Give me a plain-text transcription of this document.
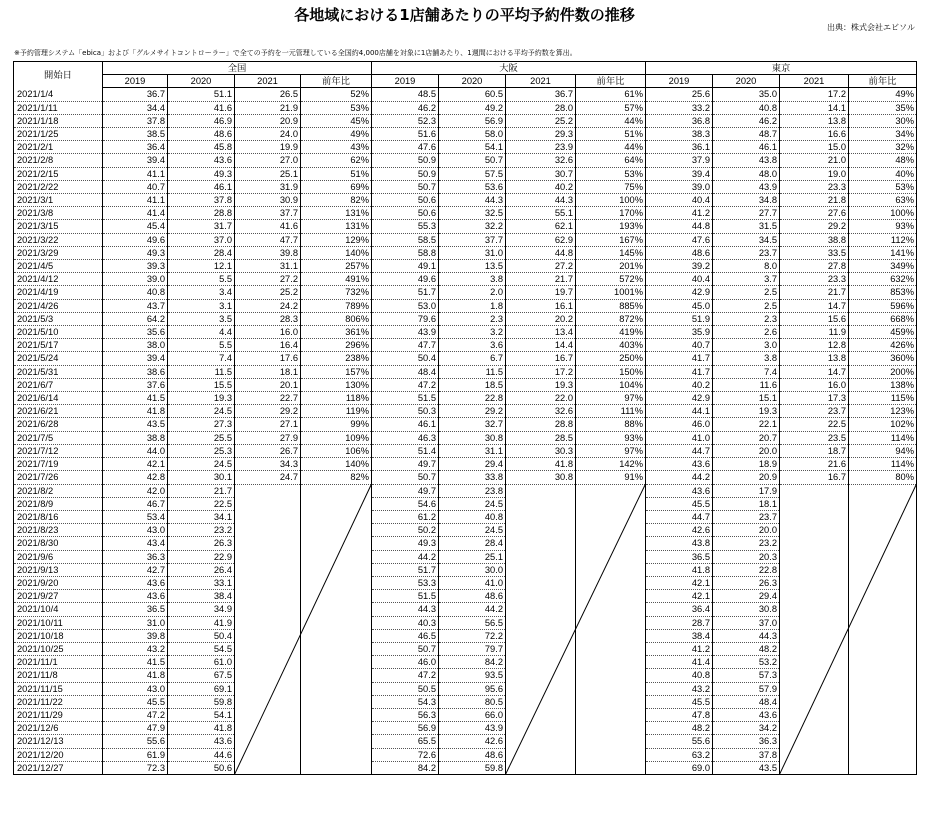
各地域における1店舗あたりの平均予約件数の推移
出典：株式会社エビソル
※予約管理システム「ebica」および「グルメサイトコントローラー」で全ての予約を一元管理している全国約4,000店舗を対象に1店舗あたり、1週間における平均予約数を算出。
開始日	全国				大阪				東京			
	2019	2020	2021	前年比	2019	2020	2021	前年比	2019	2020	2021	前年比
2021/1/4	36.7	51.1	26.5	52%	48.5	60.5	36.7	61%	25.6	35.0	17.2	49%
2021/1/11	34.4	41.6	21.9	53%	46.2	49.2	28.0	57%	33.2	40.8	14.1	35%
2021/1/18	37.8	46.9	20.9	45%	52.3	56.9	25.2	44%	36.8	46.2	13.8	30%
2021/1/25	38.5	48.6	24.0	49%	51.6	58.0	29.3	51%	38.3	48.7	16.6	34%
2021/2/1	36.4	45.8	19.9	43%	47.6	54.1	23.9	44%	36.1	46.1	15.0	32%
2021/2/8	39.4	43.6	27.0	62%	50.9	50.7	32.6	64%	37.9	43.8	21.0	48%
2021/2/15	41.1	49.3	25.1	51%	50.9	57.5	30.7	53%	39.4	48.0	19.0	40%
2021/2/22	40.7	46.1	31.9	69%	50.7	53.6	40.2	75%	39.0	43.9	23.3	53%
2021/3/1	41.1	37.8	30.9	82%	50.6	44.3	44.3	100%	40.4	34.8	21.8	63%
2021/3/8	41.4	28.8	37.7	131%	50.6	32.5	55.1	170%	41.2	27.7	27.6	100%
2021/3/15	45.4	31.7	41.6	131%	55.3	32.2	62.1	193%	44.8	31.5	29.2	93%
2021/3/22	49.6	37.0	47.7	129%	58.5	37.7	62.9	167%	47.6	34.5	38.8	112%
2021/3/29	49.3	28.4	39.8	140%	58.8	31.0	44.8	145%	48.6	23.7	33.5	141%
2021/4/5	39.3	12.1	31.1	257%	49.1	13.5	27.2	201%	39.2	8.0	27.8	349%
2021/4/12	39.0	5.5	27.2	491%	49.6	3.8	21.7	572%	40.4	3.7	23.3	632%
2021/4/19	40.8	3.4	25.2	732%	51.7	2.0	19.7	1001%	42.9	2.5	21.7	853%
2021/4/26	43.7	3.1	24.2	789%	53.0	1.8	16.1	885%	45.0	2.5	14.7	596%
2021/5/3	64.2	3.5	28.3	806%	79.6	2.3	20.2	872%	51.9	2.3	15.6	668%
2021/5/10	35.6	4.4	16.0	361%	43.9	3.2	13.4	419%	35.9	2.6	11.9	459%
2021/5/17	38.0	5.5	16.4	296%	47.7	3.6	14.4	403%	40.7	3.0	12.8	426%
2021/5/24	39.4	7.4	17.6	238%	50.4	6.7	16.7	250%	41.7	3.8	13.8	360%
2021/5/31	38.6	11.5	18.1	157%	48.4	11.5	17.2	150%	41.7	7.4	14.7	200%
2021/6/7	37.6	15.5	20.1	130%	47.2	18.5	19.3	104%	40.2	11.6	16.0	138%
2021/6/14	41.5	19.3	22.7	118%	51.5	22.8	22.0	97%	42.9	15.1	17.3	115%
2021/6/21	41.8	24.5	29.2	119%	50.3	29.2	32.6	111%	44.1	19.3	23.7	123%
2021/6/28	43.5	27.3	27.1	99%	46.1	32.7	28.8	88%	46.0	22.1	22.5	102%
2021/7/5	38.8	25.5	27.9	109%	46.3	30.8	28.5	93%	41.0	20.7	23.5	114%
2021/7/12	44.0	25.3	26.7	106%	51.4	31.1	30.3	97%	44.7	20.0	18.7	94%
2021/7/19	42.1	24.5	34.3	140%	49.7	29.4	41.8	142%	43.6	18.9	21.6	114%
2021/7/26	42.8	30.1	24.7	82%	50.7	33.8	30.8	91%	44.2	20.9	16.7	80%
2021/8/2	42.0	21.7			49.7	23.8			43.6	17.9		
2021/8/9	46.7	22.5			54.6	24.5			45.5	18.1		
2021/8/16	53.4	34.1			61.2	40.8			44.7	23.7		
2021/8/23	43.0	23.2			50.2	24.5			42.6	20.0		
2021/8/30	43.4	26.3			49.3	28.4			43.8	23.2		
2021/9/6	36.3	22.9			44.2	25.1			36.5	20.3		
2021/9/13	42.7	26.4			51.7	30.0			41.8	22.8		
2021/9/20	43.6	33.1			53.3	41.0			42.1	26.3		
2021/9/27	43.6	38.4			51.5	48.6			42.1	29.4		
2021/10/4	36.5	34.9			44.3	44.2			36.4	30.8		
2021/10/11	31.0	41.9			40.3	56.5			28.7	37.0		
2021/10/18	39.8	50.4			46.5	72.2			38.4	44.3		
2021/10/25	43.2	54.5			50.7	79.7			41.2	48.2		
2021/11/1	41.5	61.0			46.0	84.2			41.4	53.2		
2021/11/8	41.8	67.5			47.2	93.5			40.8	57.3		
2021/11/15	43.0	69.1			50.5	95.6			43.2	57.9		
2021/11/22	45.5	59.8			54.3	80.5			45.5	48.4		
2021/11/29	47.2	54.1			56.3	66.0			47.8	43.6		
2021/12/6	47.9	41.8			56.9	43.9			48.2	34.2		
2021/12/13	55.6	43.6			65.5	42.6			55.6	36.3		
2021/12/20	61.9	44.6			72.6	48.6			63.2	37.8		
2021/12/27	72.3	50.6			84.2	59.8			69.0	43.5		
